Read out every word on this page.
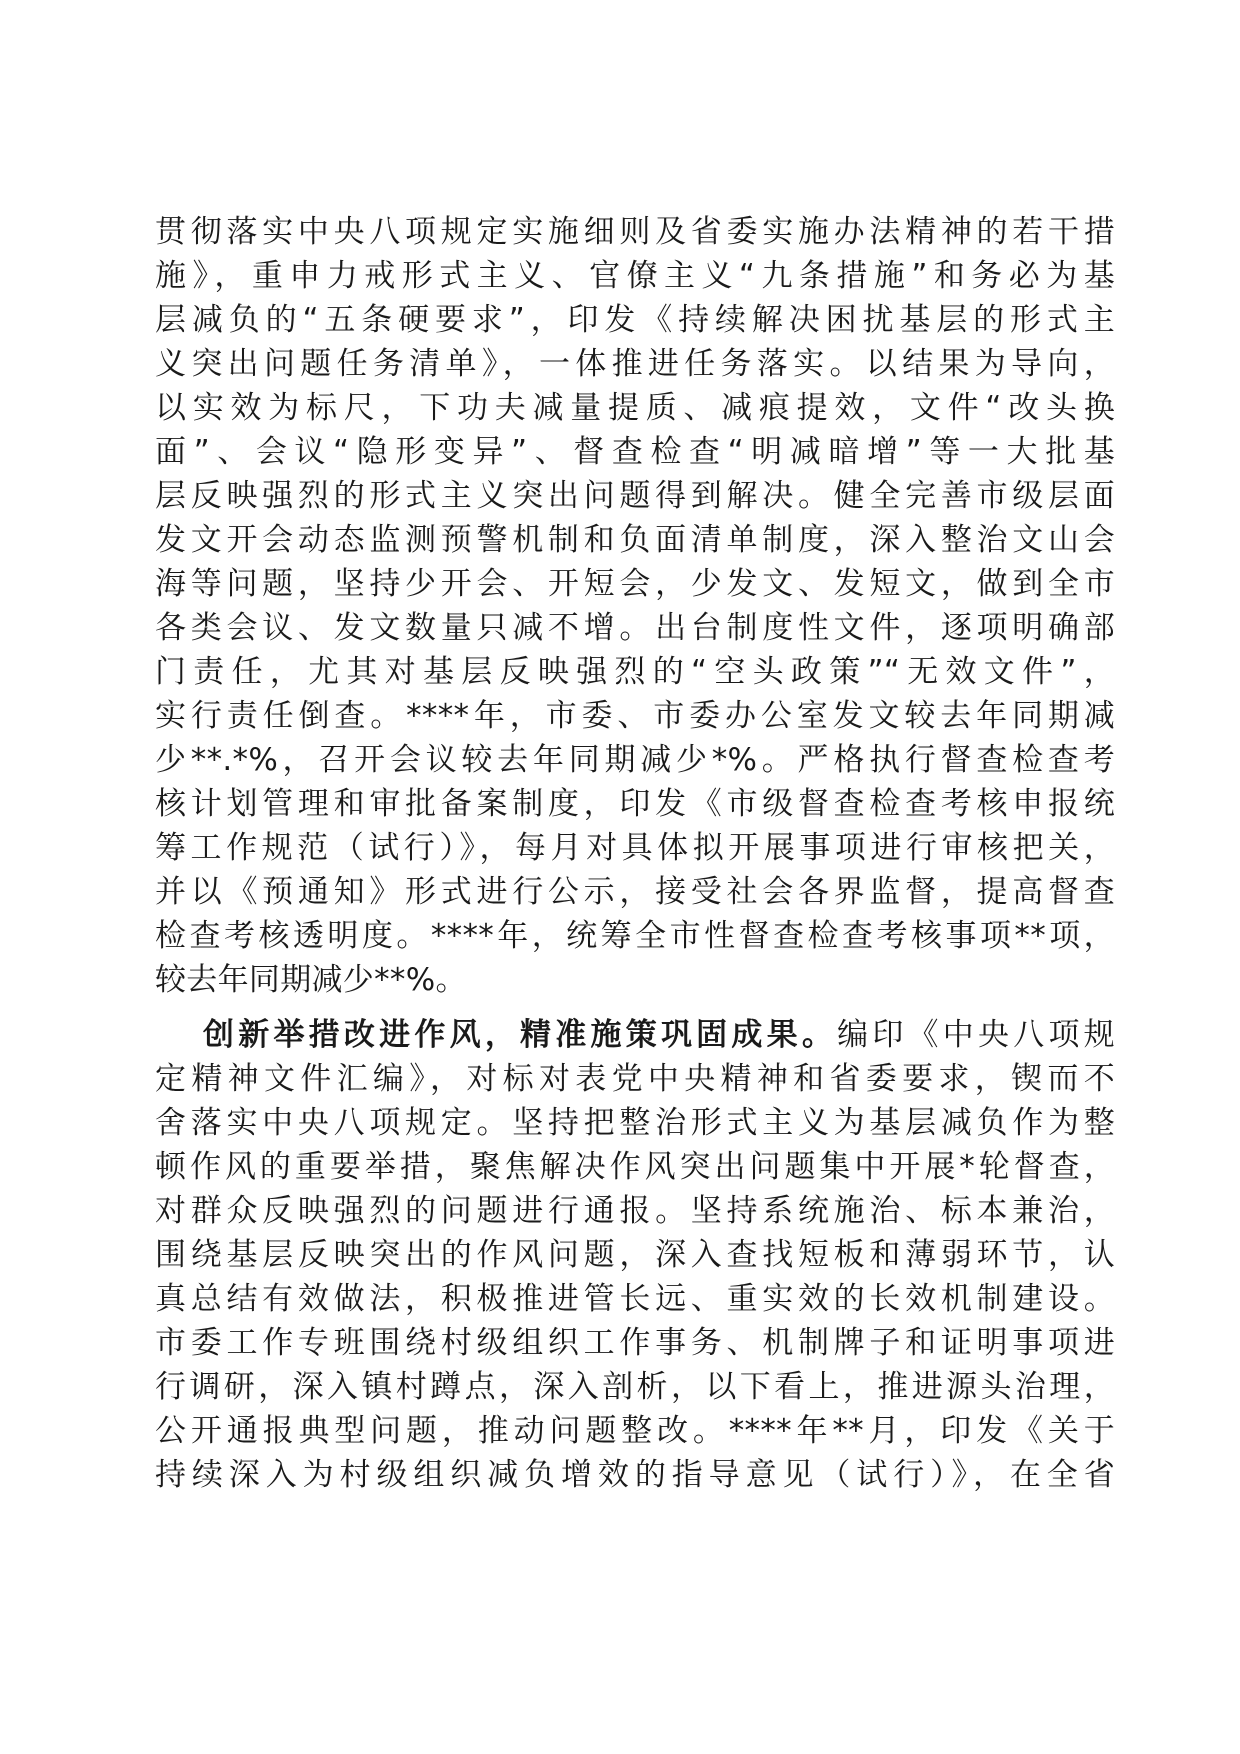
贯彻落实中央八项规定实施细则及省委实施办法精神的若干措
施》，重申力戒形式主义、官僚主义“九条措施”和务必为基
层减负的“五条硬要求”，印发《持续解决困扰基层的形式主
义突出问题任务清单》，一体推进任务落实。以结果为导向，
以实效为标尺，下功夫减量提质、减痕提效，文件“改头换
面”、会议“隐形变异”、督查检查“明减暗增”等一大批基
层反映强烈的形式主义突出问题得到解决。健全完善市级层面
发文开会动态监测预警机制和负面清单制度，深入整治文山会
海等问题，坚持少开会、开短会，少发文、发短文，做到全市
各类会议、发文数量只减不增。出台制度性文件，逐项明确部
门责任，尤其对基层反映强烈的“空头政策”“无效文件”，
实行责任倒查。****年，市委、市委办公室发文较去年同期减
少**.*%，召开会议较去年同期减少*%。严格执行督查检查考
核计划管理和审批备案制度，印发《市级督查检查考核申报统
筹工作规范（试行）》，每月对具体拟开展事项进行审核把关，
并以《预通知》形式进行公示，接受社会各界监督，提高督查
检查考核透明度。****年，统筹全市性督查检查考核事项**项，
较去年同期减少**%。
创新举措改进作风，精准施策巩固成果。编印《中央八项规
定精神文件汇编》，对标对表党中央精神和省委要求，锲而不
舍落实中央八项规定。坚持把整治形式主义为基层减负作为整
顿作风的重要举措，聚焦解决作风突出问题集中开展*轮督查，
对群众反映强烈的问题进行通报。坚持系统施治、标本兼治，
围绕基层反映突出的作风问题，深入查找短板和薄弱环节，认
真总结有效做法，积极推进管长远、重实效的长效机制建设。
市委工作专班围绕村级组织工作事务、机制牌子和证明事项进
行调研，深入镇村蹲点，深入剖析，以下看上，推进源头治理，
公开通报典型问题，推动问题整改。****年**月，印发《关于
持续深入为村级组织减负增效的指导意见（试行）》，在全省
